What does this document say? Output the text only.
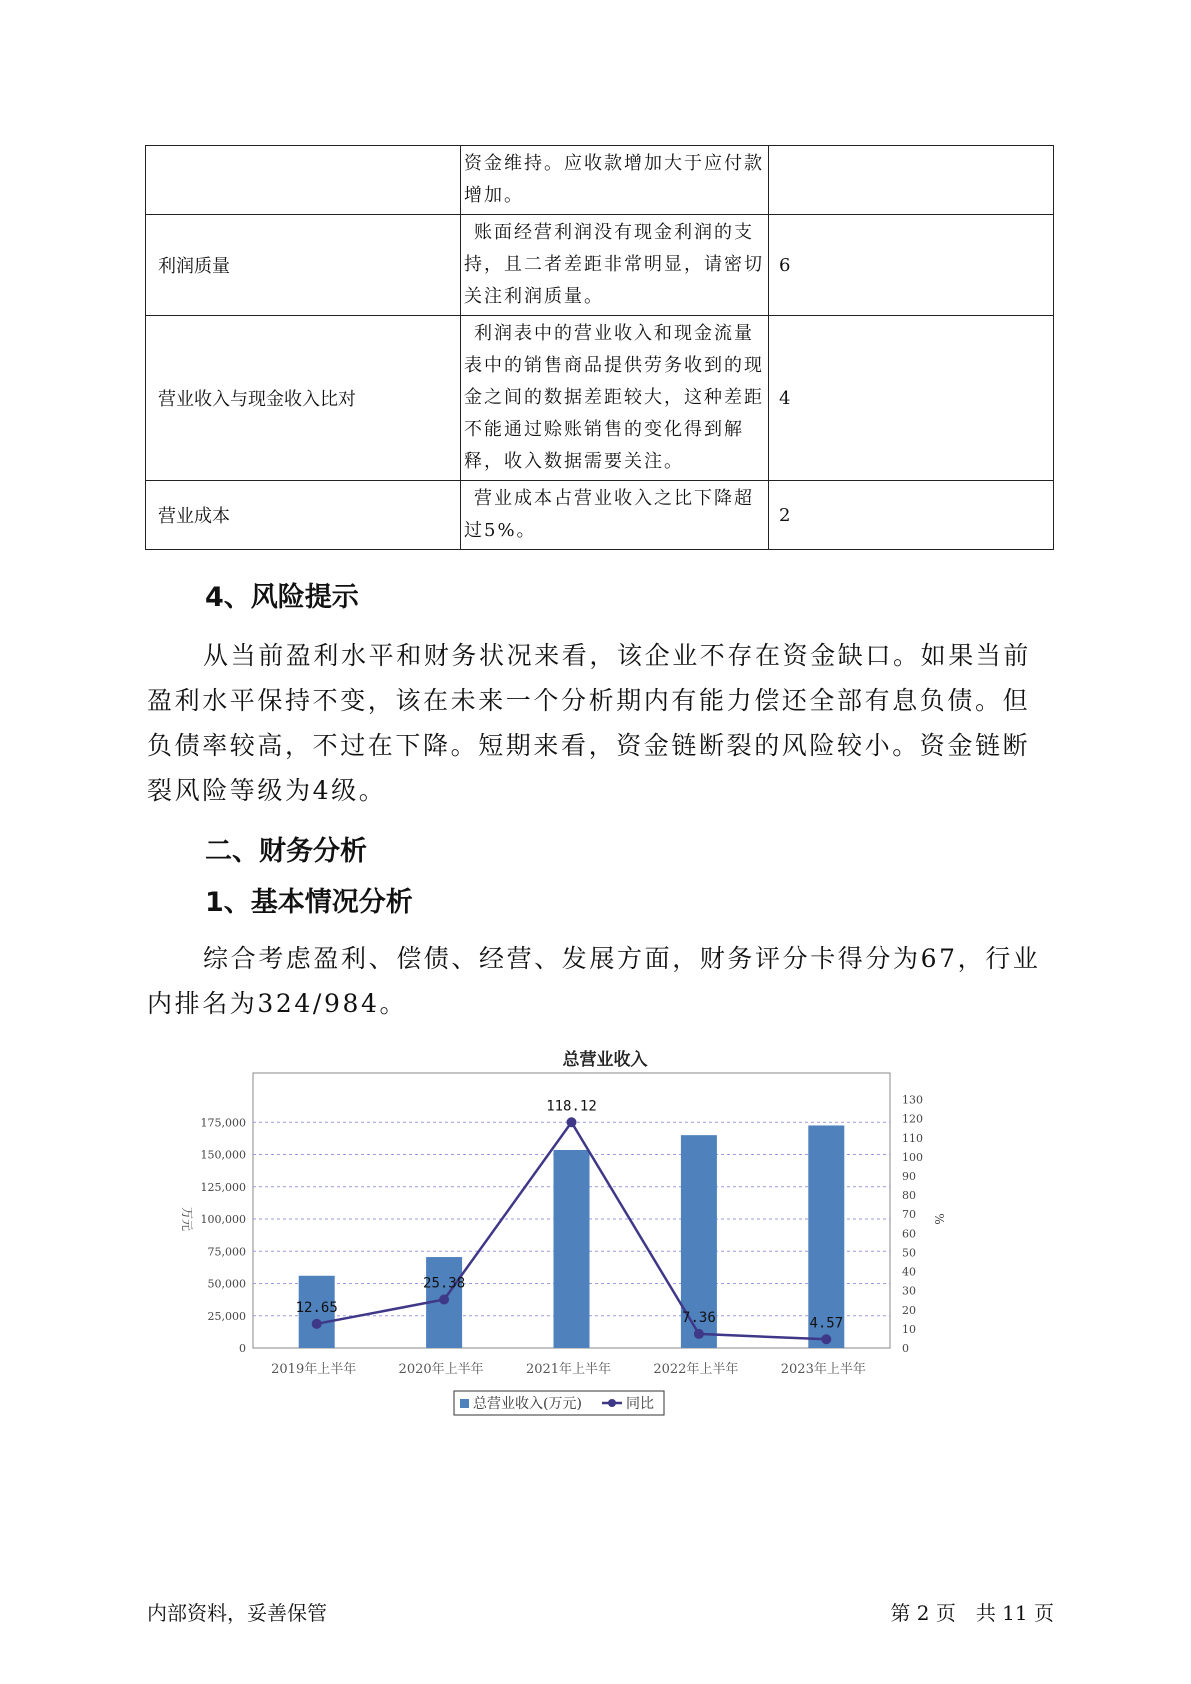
	资金维持。应收款增加大于应付款增加。	
利润质量	账面经营利润没有现金利润的支持，且二者差距非常明显，请密切关注利润质量。	6
营业收入与现金收入比对	利润表中的营业收入和现金流量表中的销售商品提供劳务收到的现金之间的数据差距较大，这种差距不能通过赊账销售的变化得到解释，收入数据需要关注。	4
营业成本	营业成本占营业收入之比下降超过5%。	2
4、风险提示

从当前盈利水平和财务状况来看，该企业不存在资金缺口。如果当前盈利水平保持不变，该在未来一个分析期内有能力偿还全部有息负债。但负债率较高，不过在下降。短期来看，资金链断裂的风险较小。资金链断裂风险等级为4级。

二、财务分析
1、基本情况分析

综合考虑盈利、偿债、经营、发展方面，财务评分卡得分为67，行业内排名为324/984。

总营业收入
0
25,000
50,000
75,000
100,000
125,000
150,000
175,000
0
10
20
30
40
50
60
70
80
90
100
110
120
130
万元	%
2019年上半年	2020年上半年	2021年上半年	2022年上半年	2023年上半年
12.65
25.38
118.12
7.36	4.57
总营业收入(万元)	同比
内部资料，妥善保管	第 2 页　共 11 页
